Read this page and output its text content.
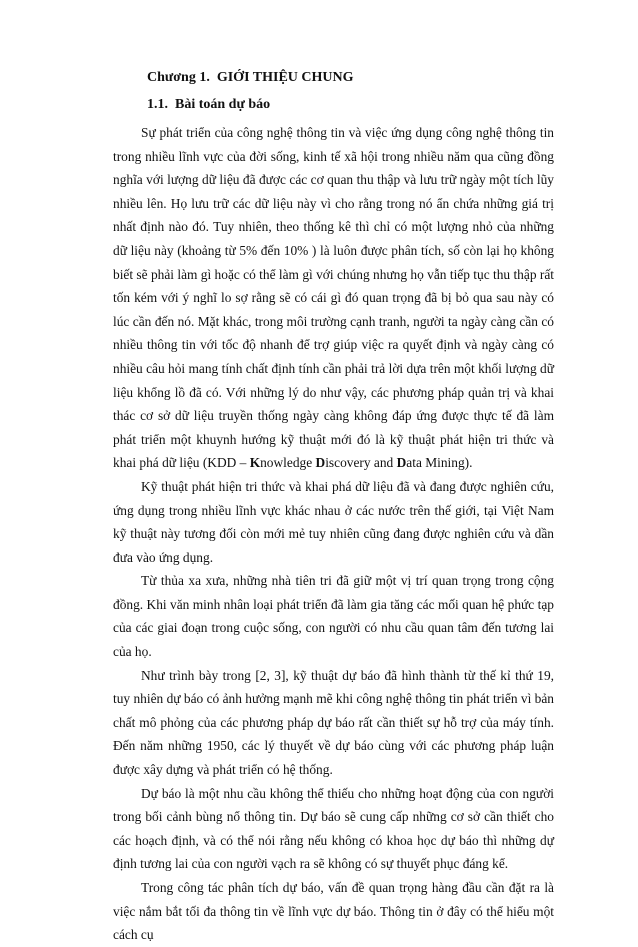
Chương 1. GIỚI THIỆU CHUNG

1.1. Bài toán dự báo

Sự phát triển của công nghệ thông tin và việc ứng dụng công nghệ thông tin trong nhiều lĩnh vực của đời sống, kinh tế xã hội trong nhiều năm qua cũng đồng nghĩa với lượng dữ liệu đã được các cơ quan thu thập và lưu trữ ngày một tích lũy nhiều lên. Họ lưu trữ các dữ liệu này vì cho rằng trong nó ẩn chứa những giá trị nhất định nào đó. Tuy nhiên, theo thống kê thì chỉ có một lượng nhỏ của những dữ liệu này (khoảng từ 5% đến 10% ) là luôn được phân tích, số còn lại họ không biết sẽ phải làm gì hoặc có thể làm gì với chúng nhưng họ vẫn tiếp tục thu thập rất tốn kém với ý nghĩ lo sợ rằng sẽ có cái gì đó quan trọng đã bị bỏ qua sau này có lúc cần đến nó. Mặt khác, trong môi trường cạnh tranh, người ta ngày càng cần có nhiều thông tin với tốc độ nhanh để trợ giúp việc ra quyết định và ngày càng có nhiều câu hỏi mang tính chất định tính cần phải trả lời dựa trên một khối lượng dữ liệu khổng lồ đã có. Với những lý do như vậy, các phương pháp quản trị và khai thác cơ sở dữ liệu truyền thống ngày càng không đáp ứng được thực tế đã làm phát triển một khuynh hướng kỹ thuật mới đó là kỹ thuật phát hiện tri thức và khai phá dữ liệu (KDD – Knowledge Discovery and Data Mining).

Kỹ thuật phát hiện tri thức và khai phá dữ liệu đã và đang được nghiên cứu, ứng dụng trong nhiều lĩnh vực khác nhau ở các nước trên thế giới, tại Việt Nam kỹ thuật này tương đối còn mới mẻ tuy nhiên cũng đang được nghiên cứu và dần đưa vào ứng dụng.

Từ thủa xa xưa, những nhà tiên tri đã giữ một vị trí quan trọng trong cộng đồng. Khi văn minh nhân loại phát triển đã làm gia tăng các mối quan hệ phức tạp của các giai đoạn trong cuộc sống, con người có nhu cầu quan tâm đến tương lai của họ.

Như trình bày trong [2, 3], kỹ thuật dự báo đã hình thành từ thế kỉ thứ 19, tuy nhiên dự báo có ảnh hưởng mạnh mẽ khi công nghệ thông tin phát triển vì bản chất mô phỏng của các phương pháp dự báo rất cần thiết sự hỗ trợ của máy tính. Đến năm những 1950, các lý thuyết về dự báo cùng với các phương pháp luận được xây dựng và phát triển có hệ thống.

Dự báo là một nhu cầu không thể thiếu cho những hoạt động của con người trong bối cảnh bùng nổ thông tin. Dự báo sẽ cung cấp những cơ sở cần thiết cho các hoạch định, và có thể nói rằng nếu không có khoa học dự báo thì những dự định tương lai của con người vạch ra sẽ không có sự thuyết phục đáng kể.

Trong công tác phân tích dự báo, vấn đề quan trọng hàng đầu cần đặt ra là việc nắm bắt tối đa thông tin về lĩnh vực dự báo. Thông tin ở đây có thể hiểu một cách cụ
